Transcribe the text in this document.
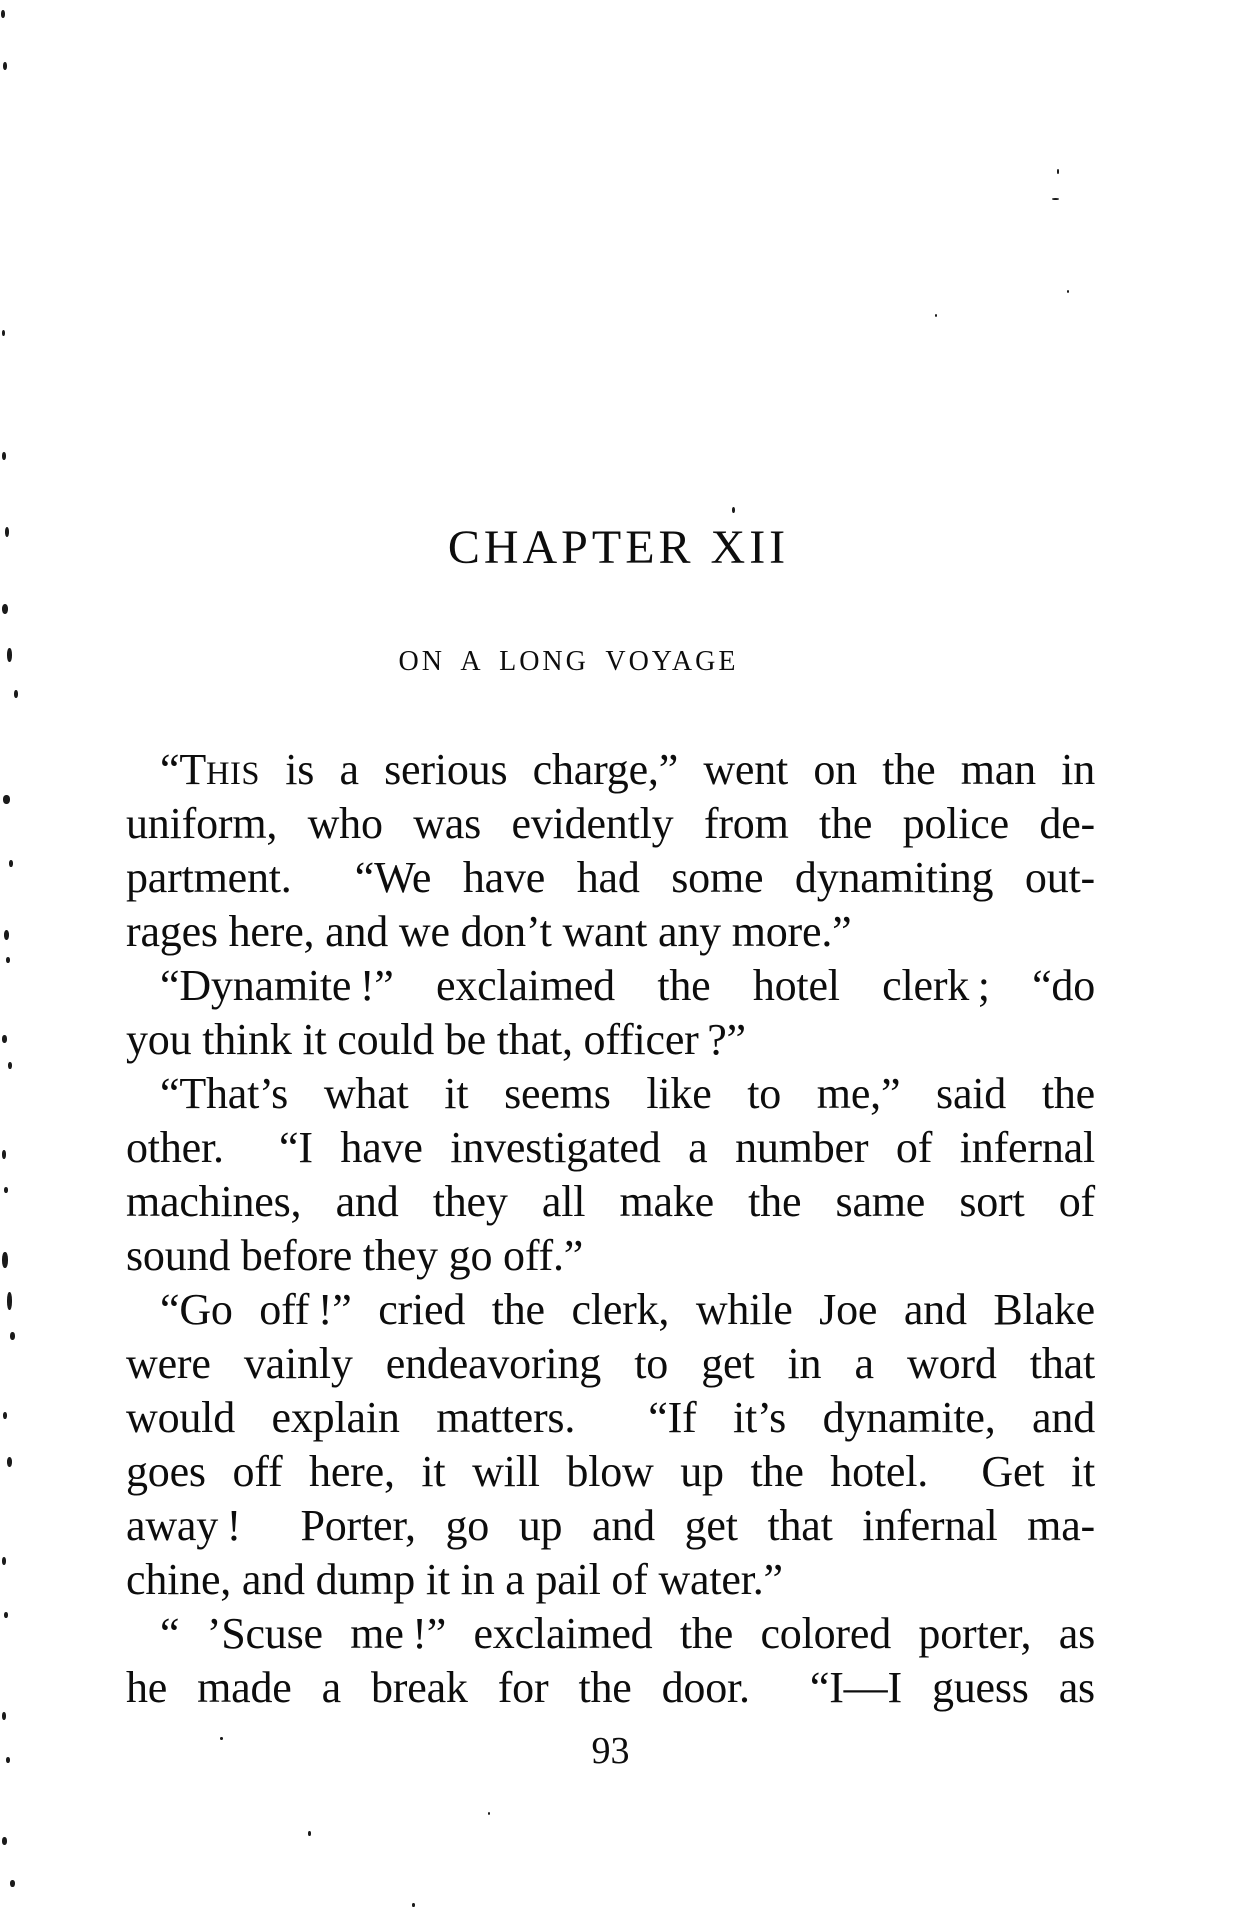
CHAPTER XII
ON A LONG VOYAGE
“THIS is a serious charge,” went on the man in
uniform, who was evidently from the police de-
partment.  “We have had some dynamiting out-
rages here, and we don’t want any more.”
“Dynamite !” exclaimed the hotel clerk ; “do
you think it could be that, officer ?”
“That’s what it seems like to me,” said the
other.  “I have investigated a number of infernal
machines, and they all make the same sort of
sound before they go off.”
“Go off !” cried the clerk, while Joe and Blake
were vainly endeavoring to get in a word that
would explain matters.  “If it’s dynamite, and
goes off here, it will blow up the hotel.  Get it
away !  Porter, go up and get that infernal ma-
chine, and dump it in a pail of water.”
“ ’Scuse me !” exclaimed the colored porter, as
he made a break for the door.  “I—I guess as
93
